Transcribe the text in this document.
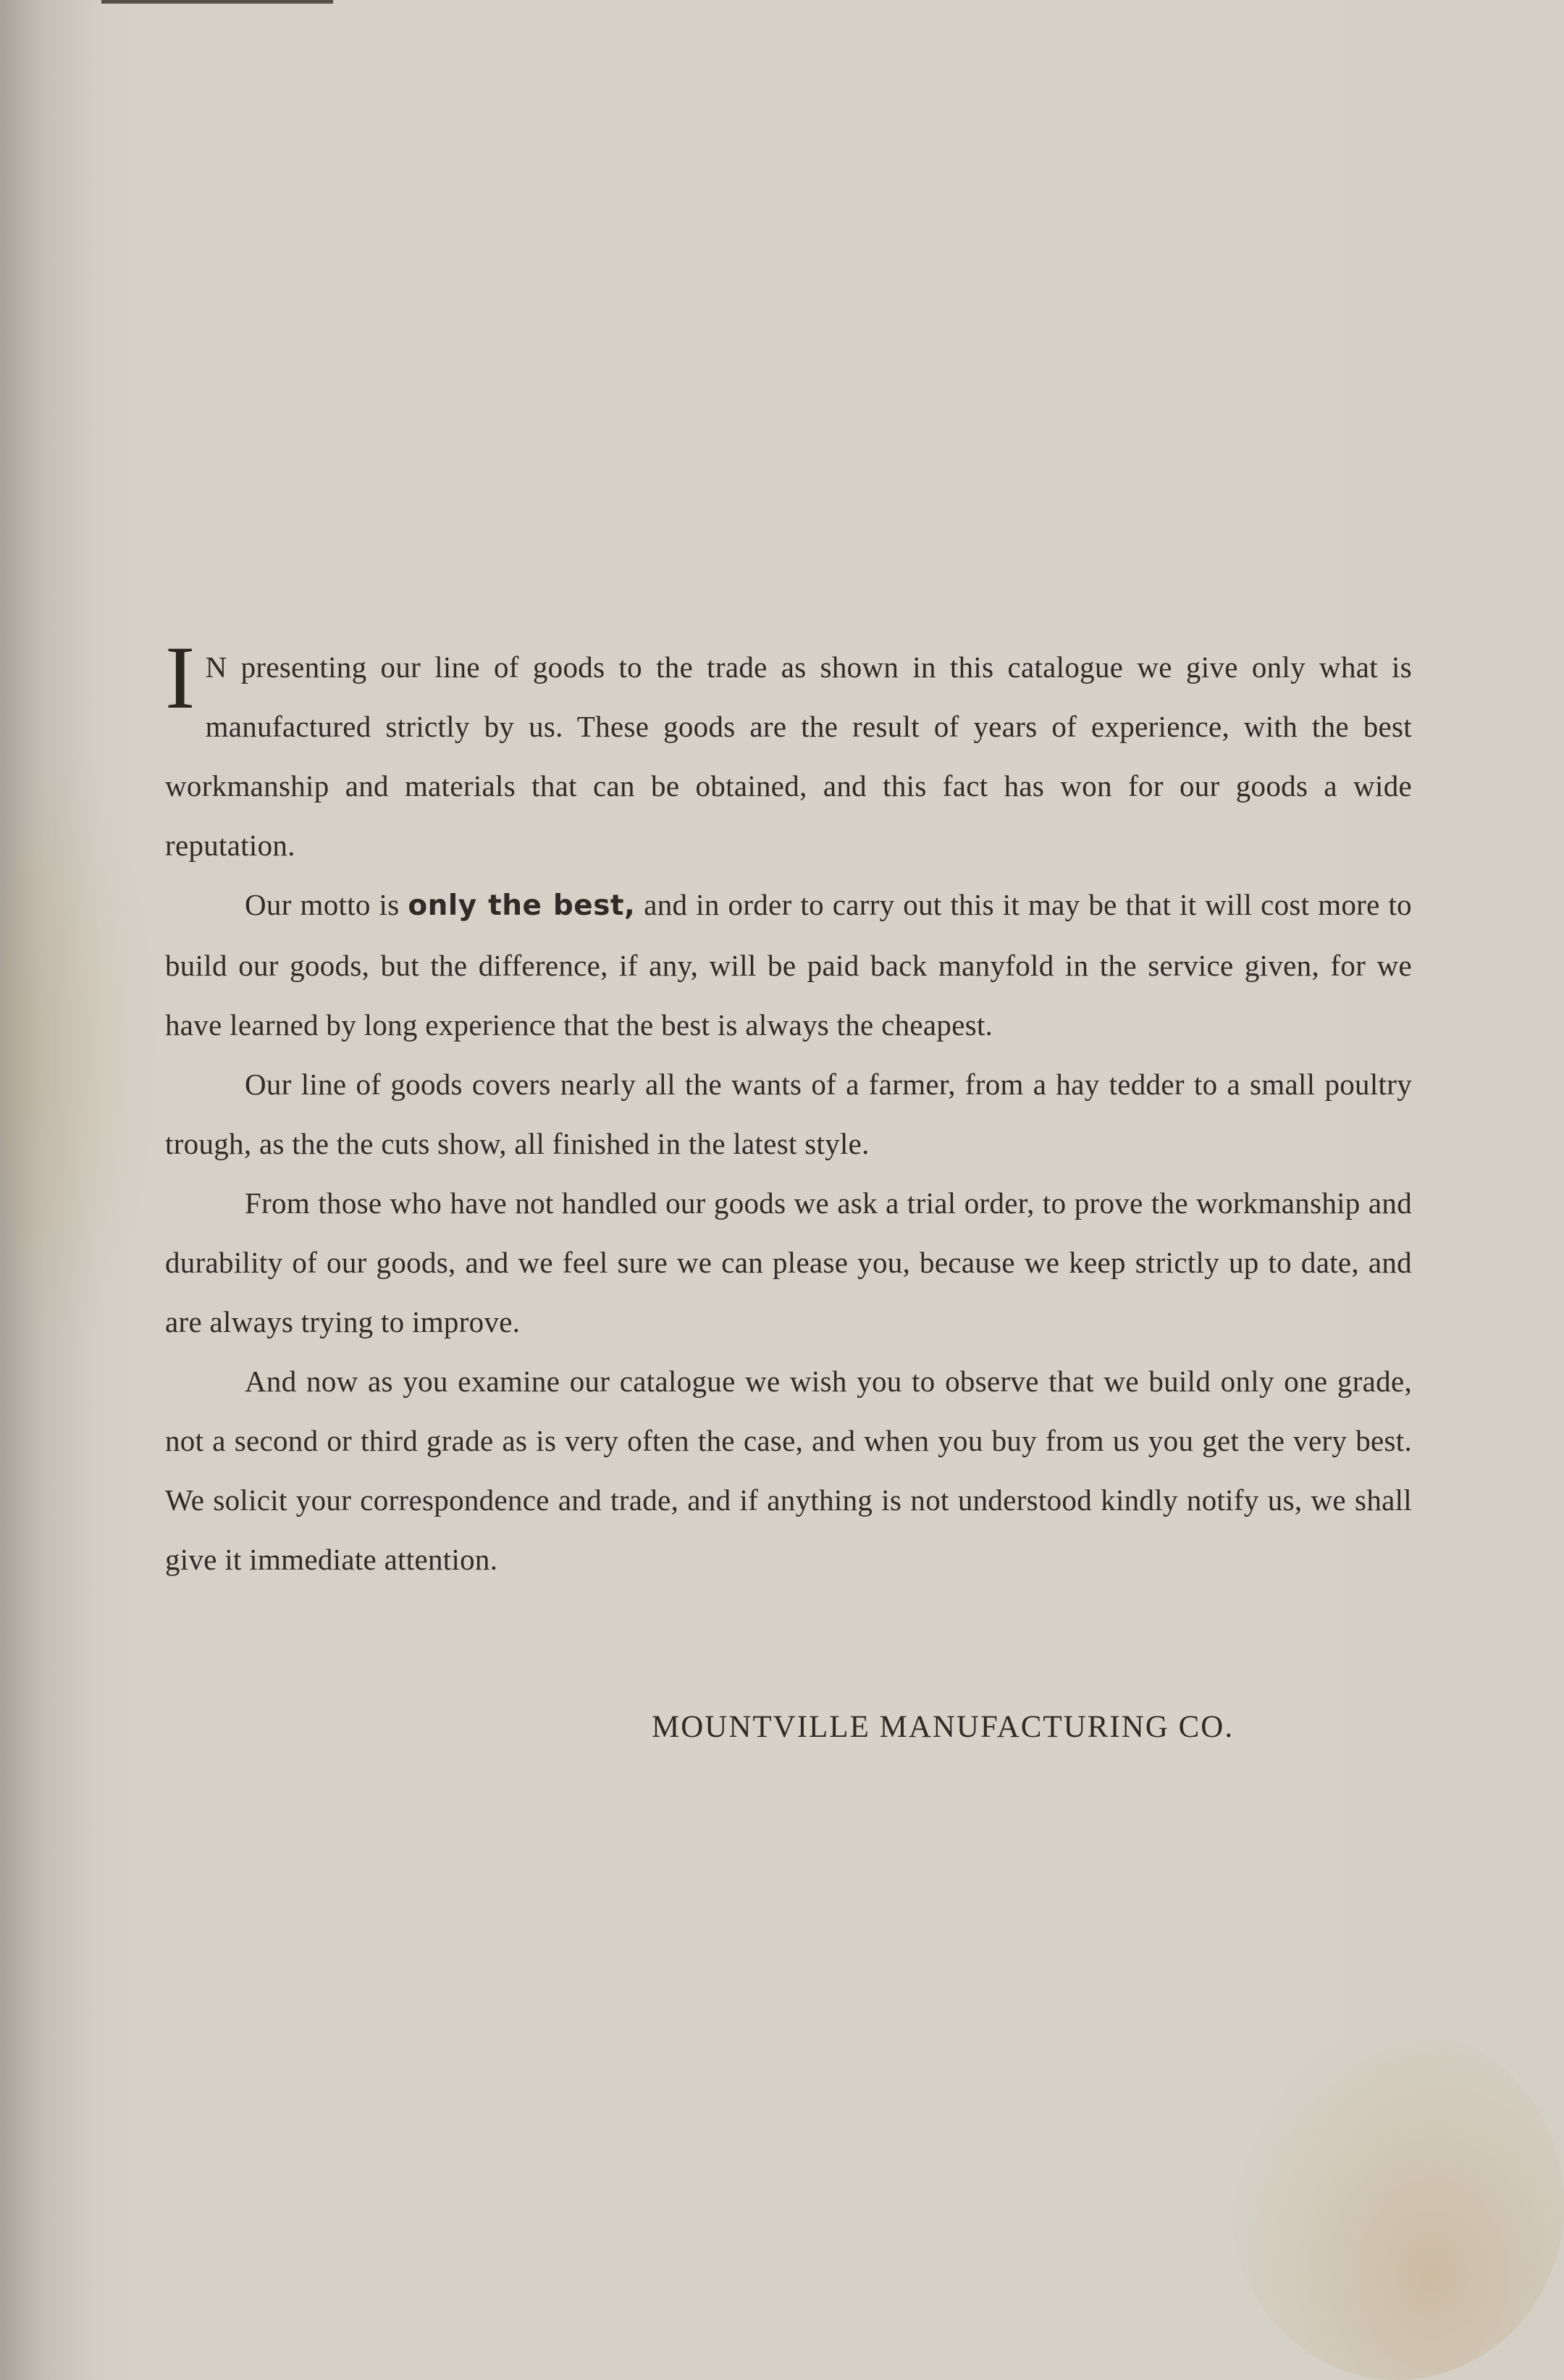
I N presenting our line of goods to the trade as shown in this catalogue we give only what is manufactured strictly by us. These goods are the result of years of experience, with the best workmanship and materials that can be obtained, and this fact has won for our goods a wide reputation.

Our motto is only the best, and in order to carry out this it may be that it will cost more to build our goods, but the difference, if any, will be paid back manyfold in the service given, for we have learned by long experience that the best is always the cheapest.

Our line of goods covers nearly all the wants of a farmer, from a hay tedder to a small poultry trough, as the the cuts show, all finished in the latest style.

From those who have not handled our goods we ask a trial order, to prove the workmanship and durability of our goods, and we feel sure we can please you, because we keep strictly up to date, and are always trying to improve.

And now as you examine our catalogue we wish you to observe that we build only one grade, not a second or third grade as is very often the case, and when you buy from us you get the very best. We solicit your correspondence and trade, and if anything is not understood kindly notify us, we shall give it immediate attention.

MOUNTVILLE MANUFACTURING CO.
